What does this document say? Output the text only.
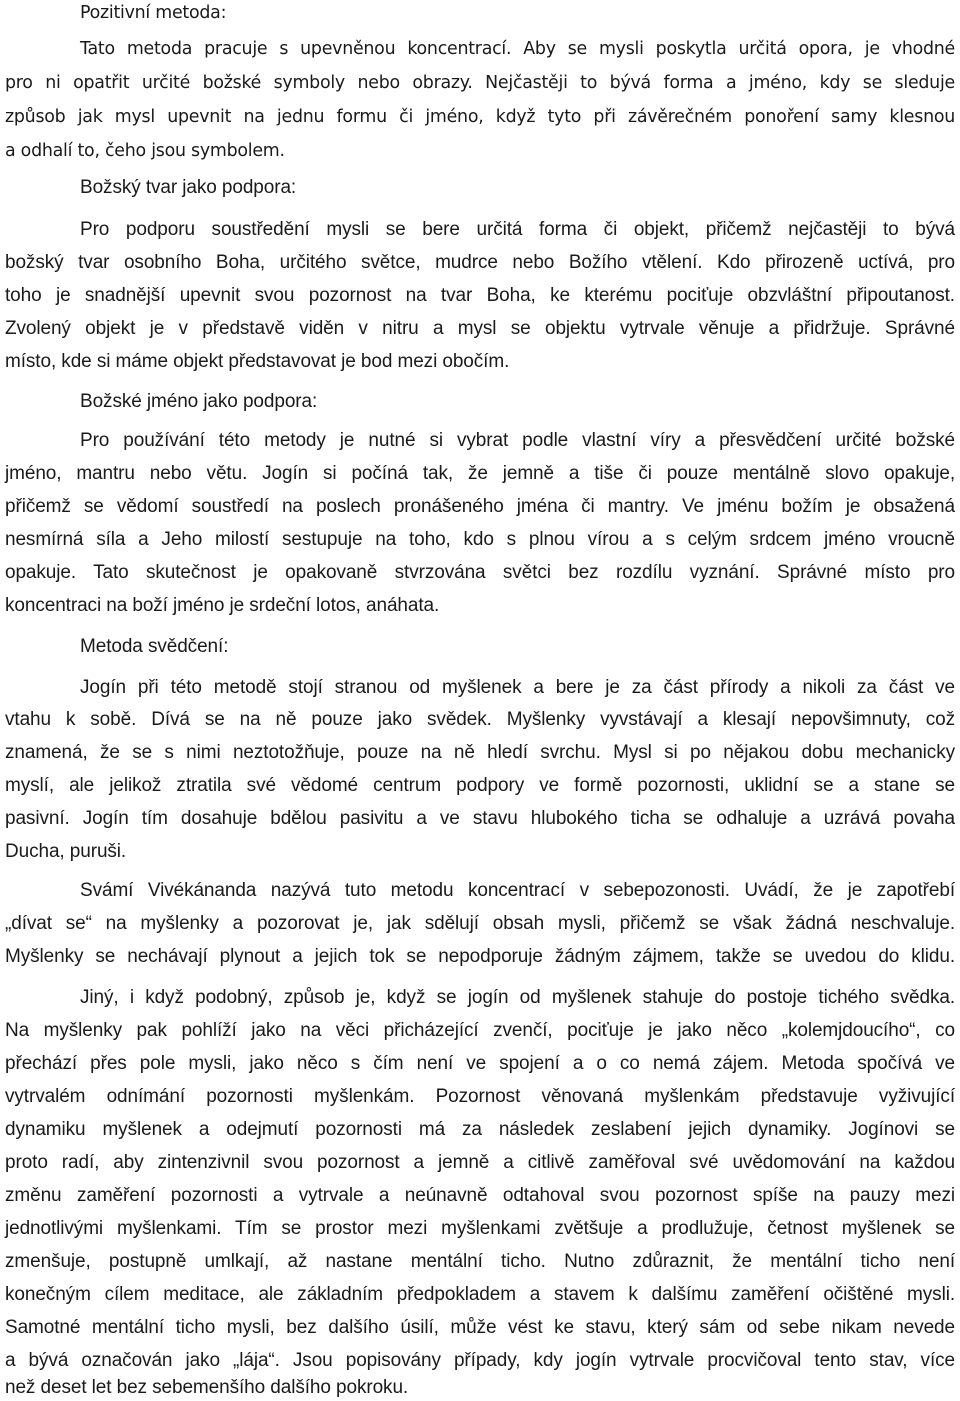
Pozitivní metoda:
Tato metoda pracuje s upevněnou koncentrací. Aby se mysli poskytla určitá opora, je vhodné
pro ni opatřit určité božské symboly nebo obrazy. Nejčastěji to bývá forma a jméno, kdy se sleduje
způsob jak mysl upevnit na jednu formu či jméno, když tyto při závěrečném ponoření samy klesnou
a odhalí to, čeho jsou symbolem.
Božský tvar jako podpora:
Pro podporu soustředění mysli se bere určitá forma či objekt, přičemž nejčastěji to bývá
božský tvar osobního Boha, určitého světce, mudrce nebo Božího vtělení. Kdo přirozeně uctívá, pro
toho je snadnější upevnit svou pozornost na tvar Boha, ke kterému pociťuje obzvláštní připoutanost.
Zvolený objekt je v představě viděn v nitru a mysl se objektu vytrvale věnuje a přidržuje. Správné
místo, kde si máme objekt představovat je bod mezi obočím.
Božské jméno jako podpora:
Pro používání této metody je nutné si vybrat podle vlastní víry a přesvědčení určité božské
jméno, mantru nebo větu. Jogín si počíná tak, že jemně a tiše či pouze mentálně slovo opakuje,
přičemž se vědomí soustředí na poslech pronášeného jména či mantry. Ve jménu božím je obsažená
nesmírná síla a Jeho milostí sestupuje na toho, kdo s plnou vírou a s celým srdcem jméno vroucně
opakuje. Tato skutečnost je opakovaně stvrzována světci bez rozdílu vyznání. Správné místo pro
koncentraci na boží jméno je srdeční lotos, anáhata.
Metoda svědčení:
Jogín při této metodě stojí stranou od myšlenek a bere je za část přírody a nikoli za část ve
vtahu k sobě. Dívá se na ně pouze jako svědek. Myšlenky vyvstávají a klesají nepovšimnuty, což
znamená, že se s nimi neztotožňuje, pouze na ně hledí svrchu. Mysl si po nějakou dobu mechanicky
myslí, ale jelikož ztratila své vědomé centrum podpory ve formě pozornosti, uklidní se a stane se
pasivní. Jogín tím dosahuje bdělou pasivitu a ve stavu hlubokého ticha se odhaluje a uzrává povaha
Ducha, puruši.
Svámí Vivékánanda nazývá tuto metodu koncentrací v sebepozonosti. Uvádí, že je zapotřebí
„dívat se“ na myšlenky a pozorovat je, jak sdělují obsah mysli, přičemž se však žádná neschvaluje.
Myšlenky se nechávají plynout a jejich tok se nepodporuje žádným zájmem, takže se uvedou do klidu.
Jiný, i když podobný, způsob je, když se jogín od myšlenek stahuje do postoje tichého svědka.
Na myšlenky pak pohlíží jako na věci přicházející zvenčí, pociťuje je jako něco „kolemjdoucího“, co
přechází přes pole mysli, jako něco s čím není ve spojení a o co nemá zájem. Metoda spočívá ve
vytrvalém odnímání pozornosti myšlenkám. Pozornost věnovaná myšlenkám představuje vyživující
dynamiku myšlenek a odejmutí pozornosti má za následek zeslabení jejich dynamiky. Jogínovi se
proto radí, aby zintenzivnil svou pozornost a jemně a citlivě zaměřoval své uvědomování na každou
změnu zaměření pozornosti a vytrvale a neúnavně odtahoval svou pozornost spíše na pauzy mezi
jednotlivými myšlenkami. Tím se prostor mezi myšlenkami zvětšuje a prodlužuje, četnost myšlenek se
zmenšuje, postupně umlkají, až nastane mentální ticho. Nutno zdůraznit, že mentální ticho není
konečným cílem meditace, ale základním předpokladem a stavem k dalšímu zaměření očištěné mysli.
Samotné mentální ticho mysli, bez dalšího úsilí, může vést ke stavu, který sám od sebe nikam nevede
a bývá označován jako „lája“. Jsou popisovány případy, kdy jogín vytrvale procvičoval tento stav, více
než deset let bez sebemenšího dalšího pokroku.
